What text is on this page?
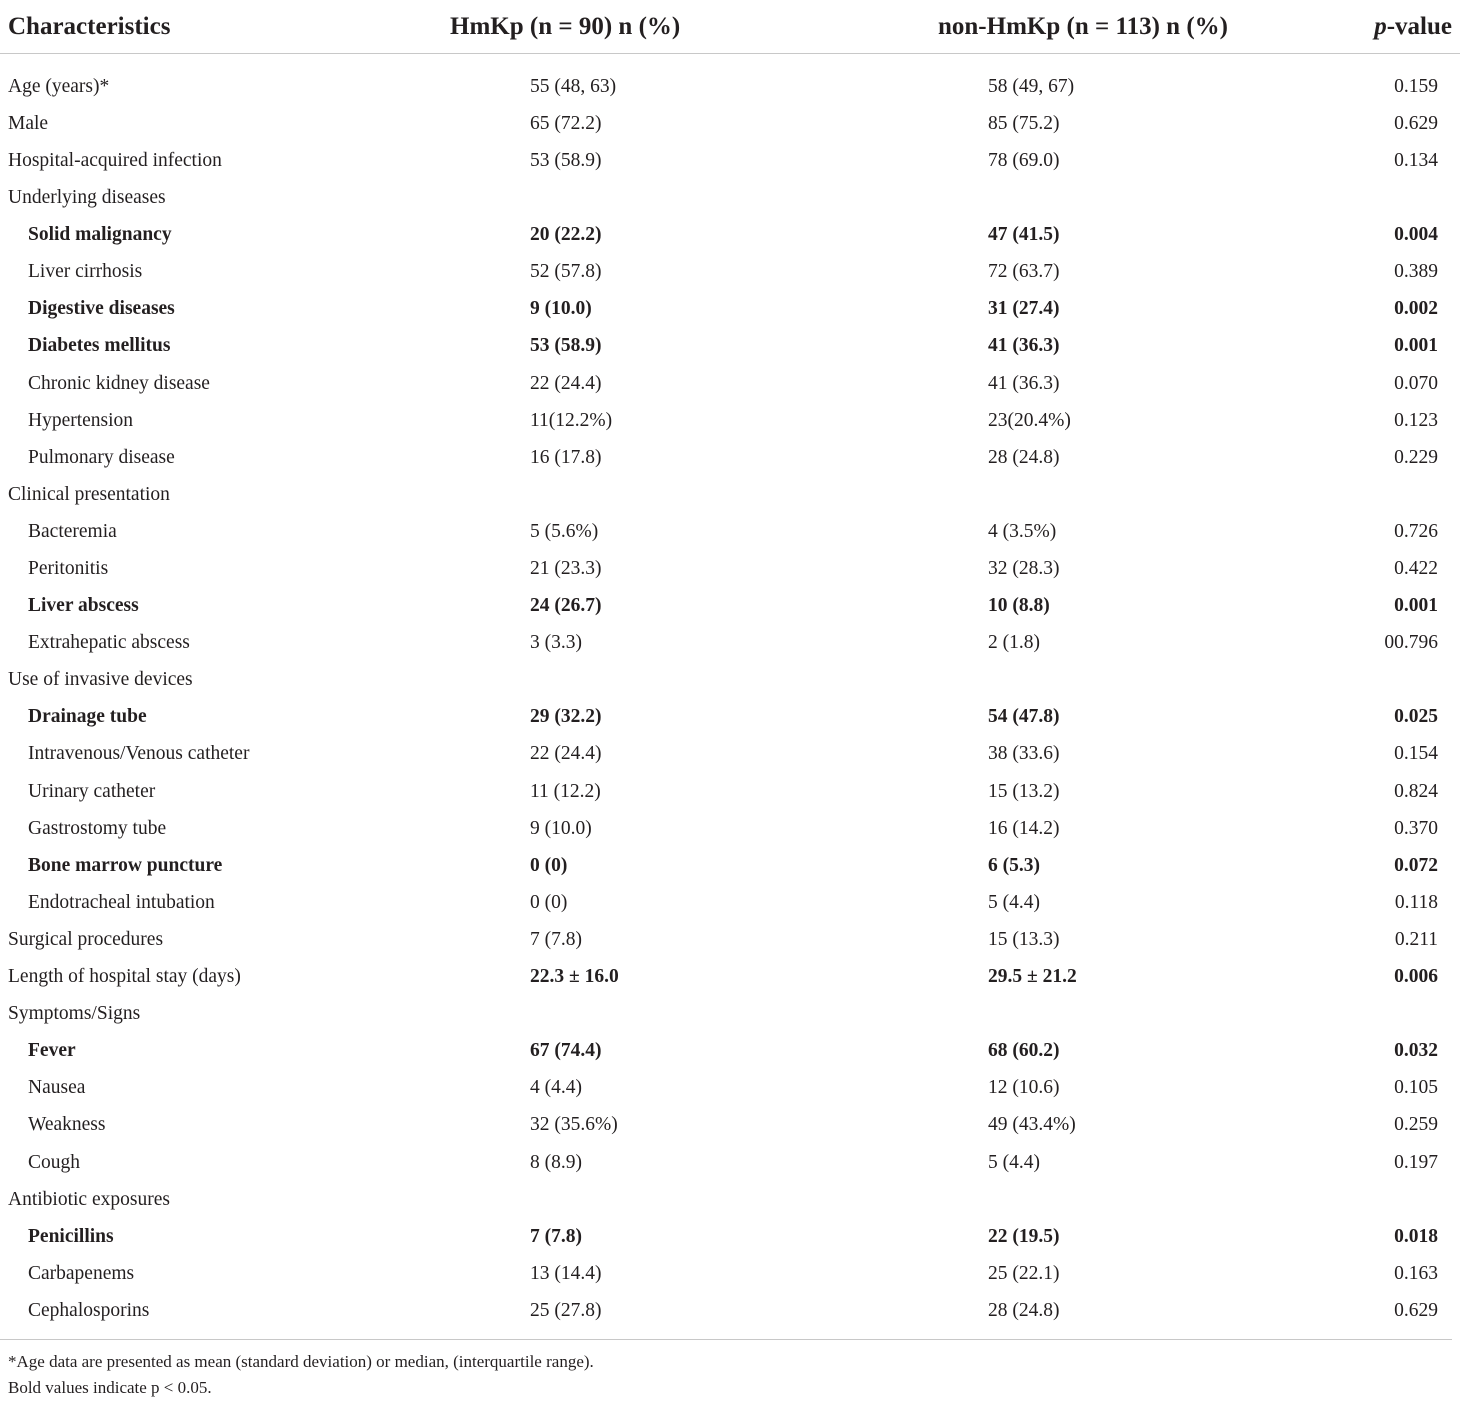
Characteristics	HmKp (n = 90) n (%)	non-HmKp (n = 113) n (%)	p-value

Age (years)*	55 (48, 63)	58 (49, 67)	0.159
Male	65 (72.2)	85 (75.2)	0.629
Hospital-acquired infection	53 (58.9)	78 (69.0)	0.134
Underlying diseases			
Solid malignancy	20 (22.2)	47 (41.5)	0.004
Liver cirrhosis	52 (57.8)	72 (63.7)	0.389
Digestive diseases	9 (10.0)	31 (27.4)	0.002
Diabetes mellitus	53 (58.9)	41 (36.3)	0.001
Chronic kidney disease	22 (24.4)	41 (36.3)	0.070
Hypertension	11(12.2%)	23(20.4%)	0.123
Pulmonary disease	16 (17.8)	28 (24.8)	0.229
Clinical presentation			
Bacteremia	5 (5.6%)	4 (3.5%)	0.726
Peritonitis	21 (23.3)	32 (28.3)	0.422
Liver abscess	24 (26.7)	10 (8.8)	0.001
Extrahepatic abscess	3 (3.3)	2 (1.8)	00.796
Use of invasive devices			
Drainage tube	29 (32.2)	54 (47.8)	0.025
Intravenous/Venous catheter	22 (24.4)	38 (33.6)	0.154
Urinary catheter	11 (12.2)	15 (13.2)	0.824
Gastrostomy tube	9 (10.0)	16 (14.2)	0.370
Bone marrow puncture	0 (0)	6 (5.3)	0.072
Endotracheal intubation	0 (0)	5 (4.4)	0.118
Surgical procedures	7 (7.8)	15 (13.3)	0.211
Length of hospital stay (days)	22.3 ± 16.0	29.5 ± 21.2	0.006
Symptoms/Signs			
Fever	67 (74.4)	68 (60.2)	0.032
Nausea	4 (4.4)	12 (10.6)	0.105
Weakness	32 (35.6%)	49 (43.4%)	0.259
Cough	8 (8.9)	5 (4.4)	0.197
Antibiotic exposures			
Penicillins	7 (7.8)	22 (19.5)	0.018
Carbapenems	13 (14.4)	25 (22.1)	0.163
Cephalosporins	25 (27.8)	28 (24.8)	0.629
*Age data are presented as mean (standard deviation) or median, (interquartile range).
Bold values indicate p < 0.05.
